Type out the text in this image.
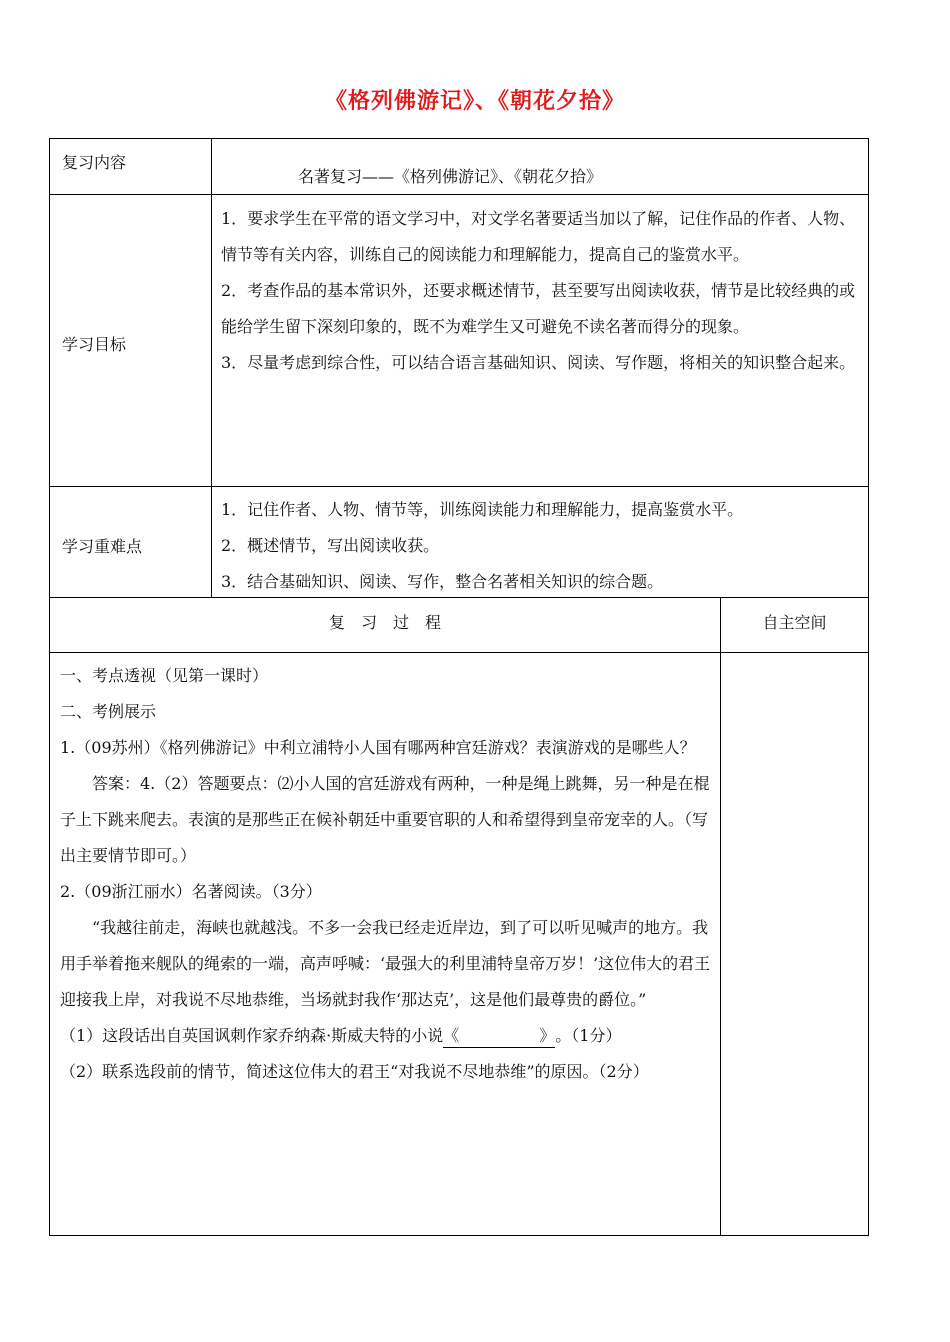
《格列佛游记》、《朝花夕拾》
复习内容
名著复习——《格列佛游记》、《朝花夕拾》
学习目标

1．要求学生在平常的语文学习中，对文学名著要适当加以了解，记住作品的作者、人物、情节等有关内容，训练自己的阅读能力和理解能力，提高自己的鉴赏水平。

2．考查作品的基本常识外，还要求概述情节，甚至要写出阅读收获，情节是比较经典的或能给学生留下深刻印象的，既不为难学生又可避免不读名著而得分的现象。

3．尽量考虑到综合性，可以结合语言基础知识、阅读、写作题，将相关的知识整合起来。

学习重难点

1．记住作者、人物、情节等，训练阅读能力和理解能力，提高鉴赏水平。

2．概述情节，写出阅读收获。

3．结合基础知识、阅读、写作，整合名著相关知识的综合题。

复　习　过　程	自主空间

一、考点透视（见第一课时）

二、考例展示

1.（09苏州）《格列佛游记》中利立浦特小人国有哪两种宫廷游戏？表演游戏的是哪些人？

答案：4.（2）答题要点：⑵小人国的宫廷游戏有两种，一种是绳上跳舞，另一种是在棍子上下跳来爬去。表演的是那些正在候补朝廷中重要官职的人和希望得到皇帝宠幸的人。（写出主要情节即可。）

2.（09浙江丽水）名著阅读。（3分）

“我越往前走，海峡也就越浅。不多一会我已经走近岸边，到了可以听见喊声的地方。我用手举着拖来舰队的绳索的一端，高声呼喊：‘最强大的利里浦特皇帝万岁！’这位伟大的君王迎接我上岸，对我说不尽地恭维，当场就封我作‘那达克’，这是他们最尊贵的爵位。”

（1）这段话出自英国讽刺作家乔纳森·斯威夫特的小说《　　　　　》。（1分）

（2）联系选段前的情节，简述这位伟大的君王“对我说不尽地恭维”的原因。（2分）
